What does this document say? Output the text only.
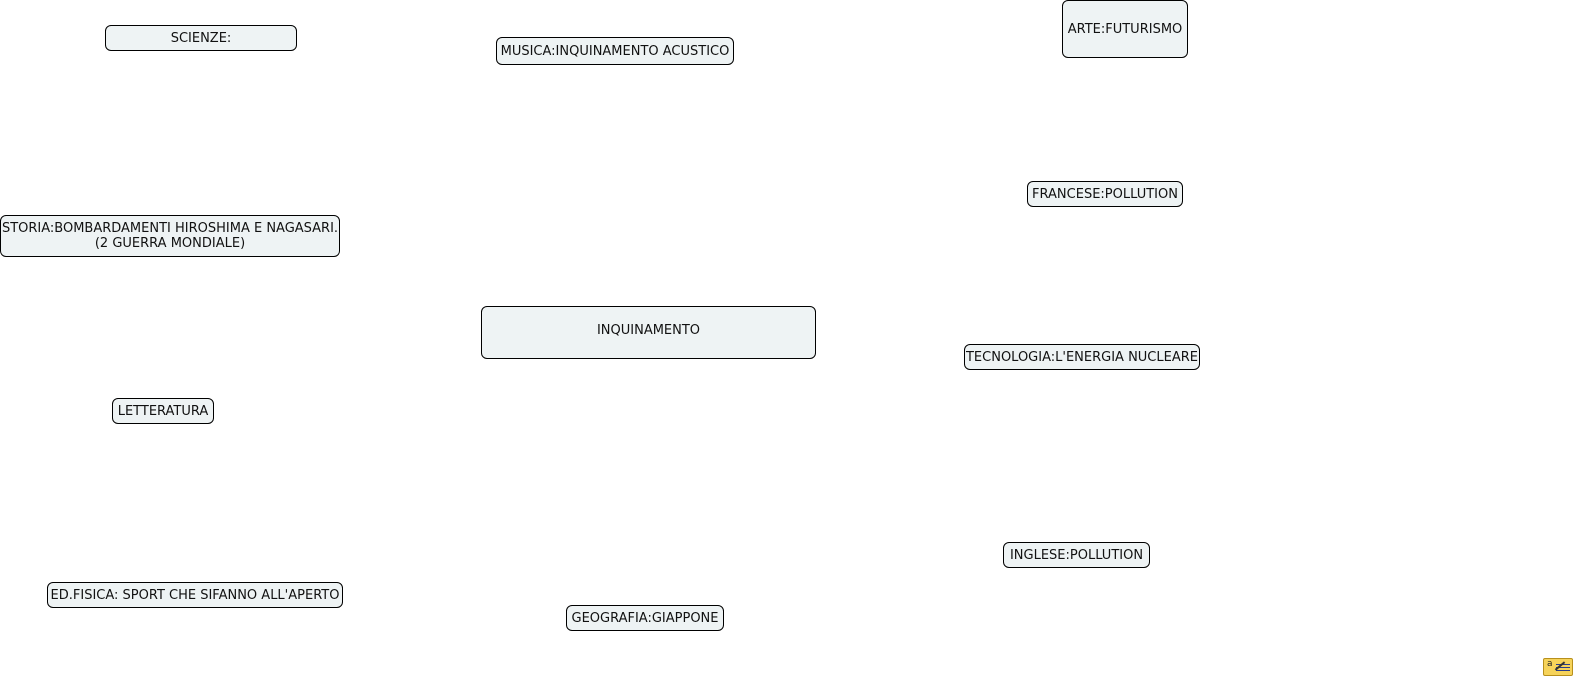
SCIENZE:
MUSICA:INQUINAMENTO ACUSTICO
ARTE:FUTURISMO
FRANCESE:POLLUTION
STORIA:BOMBARDAMENTI HIROSHIMA E NAGASARI.
(2 GUERRA MONDIALE)
INQUINAMENTO
TECNOLOGIA:L'ENERGIA NUCLEARE
LETTERATURA
INGLESE:POLLUTION
ED.FISICA: SPORT CHE SIFANNO ALL'APERTO
GEOGRAFIA:GIAPPONE
a
